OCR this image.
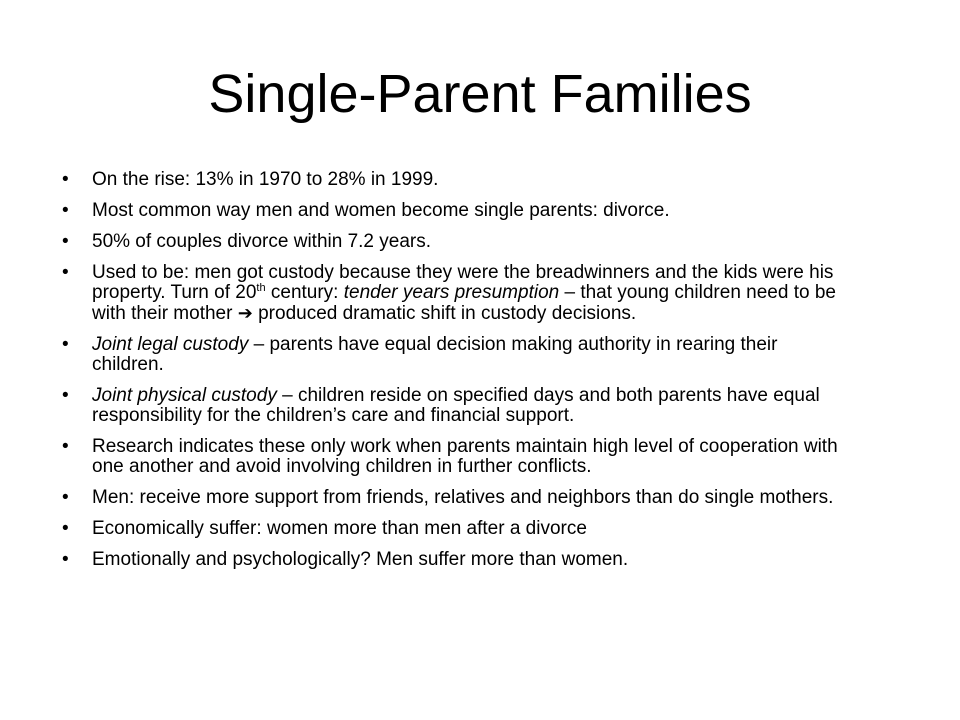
Single-Parent Families
• On the rise: 13% in 1970 to 28% in 1999.
• Most common way men and women become single parents: divorce.
• 50% of couples divorce within 7.2 years.
• Used to be: men got custody because they were the breadwinners and the kids were his property. Turn of 20th century: tender years presumption – that young children need to be with their mother ➔ produced dramatic shift in custody decisions.
• Joint legal custody – parents have equal decision making authority in rearing their children.
• Joint physical custody – children reside on specified days and both parents have equal responsibility for the children’s care and financial support.
• Research indicates these only work when parents maintain high level of cooperation with one another and avoid involving children in further conflicts.
• Men: receive more support from friends, relatives and neighbors than do single mothers.
• Economically suffer: women more than men after a divorce
• Emotionally and psychologically? Men suffer more than women.
